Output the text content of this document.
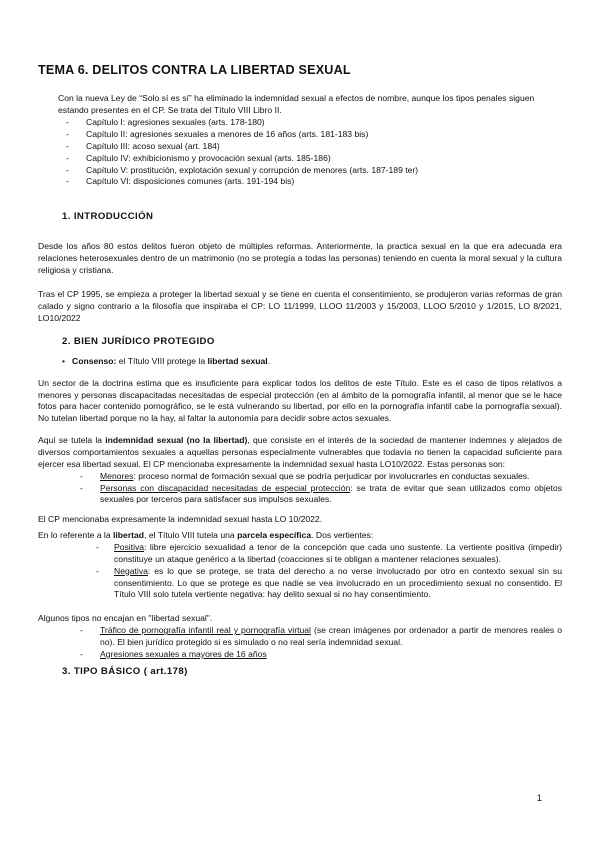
TEMA 6. DELITOS CONTRA LA LIBERTAD SEXUAL
Con la nueva Ley de “Solo sí es sí” ha eliminado la indemnidad sexual a efectos de nombre, aunque los tipos penales siguen estando presentes en el CP. Se trata del Título VIII Libro II.
- Capítulo I: agresiones sexuales (arts. 178-180)
- Capítulo II: agresiones sexuales a menores de 16 años (arts. 181-183 bis)
- Capítulo III: acoso sexual (art. 184)
- Capítulo IV: exhibicionismo y provocación sexual (arts. 185-186)
- Capítulo V: prostitución, explotación sexual y corrupción de menores (arts. 187-189 ter)
- Capítulo VI: disposiciones comunes (arts. 191-194 bis)
1. INTRODUCCIÓN
Desde los años 80 estos delitos fueron objeto de múltiples reformas. Anteriormente, la practica sexual en la que era adecuada era relaciones heterosexuales dentro de un matrimonio (no se protegía a todas las personas) teniendo en cuenta la moral sexual y la cultura religiosa y cristiana.
Tras el CP 1995, se empieza a proteger la libertad sexual y se tiene en cuenta el consentimiento, se produjeron varias reformas de gran calado y signo contrario a la filosofía que inspiraba el CP: LO 11/1999, LLOO 11/2003 y 15/2003, LLOO 5/2010 y 1/2015, LO 8/2021, LO10/2022
2. BIEN JURÍDICO PROTEGIDO
• Consenso: el Título VIII protege la libertad sexual.
Un sector de la doctrina estima que es insuficiente para explicar todos los delitos de este Título. Este es el caso de tipos relativos a menores y personas discapacitadas necesitadas de especial protección (en al ámbito de la pornografía infantil, al menor que se le hace fotos para hacer contenido pornográfico, se le está vulnerando su libertad, por ello en la pornografía infantil cabe la pornografía sexual). No tutelan libertad porque no la hay, al faltar la autonomía para decidir sobre actos sexuales.
Aquí se tutela la indemnidad sexual (no la libertad), que consiste en el interés de la sociedad de mantener indemnes y alejados de diversos comportamientos sexuales a aquellas personas especialmente vulnerables que todavía no tienen la capacidad suficiente para ejercer esa libertad sexual. El CP mencionaba expresamente la indemnidad sexual hasta LO10/2022. Estas personas son:
- Menores: proceso normal de formación sexual que se podría perjudicar por involucrarles en conductas sexuales.
- Personas con discapacidad necesitadas de especial protección: se trata de evitar que sean utilizados como objetos sexuales por terceros para satisfacer sus impulsos sexuales.
El CP mencionaba expresamente la indemnidad sexual hasta LO 10/2022.
En lo referente a la libertad, el Título VIII tutela una parcela específica. Dos vertientes:
- Positiva: libre ejercicio sexualidad a tenor de la concepción que cada uno sustente. La vertiente positiva (impedir) constituye un ataque genérico a la libertad (coacciones si te obligan a mantener relaciones sexuales).
- Negativa: es lo que se protege, se trata del derecho a no verse involucrado por otro en contexto sexual sin su consentimiento. Lo que se protege es que nadie se vea involucrado en un procedimiento sexual no consentido. El Título VIII solo tutela vertiente negativa: hay delito sexual si no hay consentimiento.
Algunos tipos no encajan en "libertad sexual".
- Tráfico de pornografía infantil real y pornografía virtual (se crean imágenes por ordenador a partir de menores reales o no). El bien jurídico protegido si es simulado o no real sería indemnidad sexual.
- Agresiones sexuales a mayores de 16 años
3. TIPO BÁSICO ( art.178)
1
